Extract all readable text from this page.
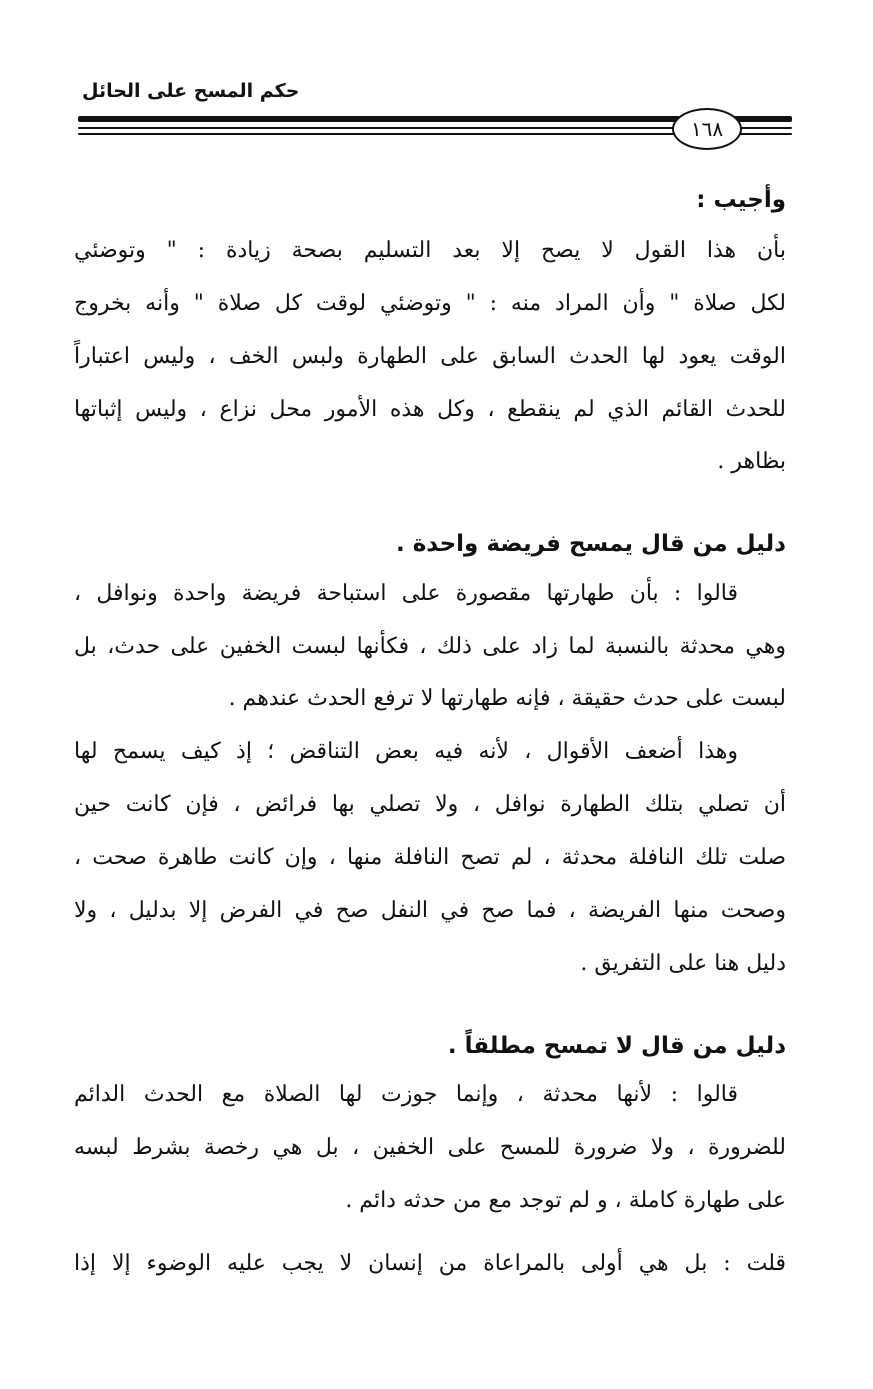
حكم المسح على الحائل
١٦٨
وأجيب :
بأن هذا القول لا يصح إلا بعد التسليم بصحة زيادة : " وتوضئي
لكل صلاة " وأن المراد منه : " وتوضئي لوقت كل صلاة " وأنه بخروج
الوقت يعود لها الحدث السابق على الطهارة ولبس الخف ، وليس اعتباراً
للحدث القائم الذي لم ينقطع ، وكل هذه الأمور محل نزاع ، وليس إثباتها
بظاهر .
دليل من قال يمسح فريضة واحدة .
قالوا : بأن طهارتها مقصورة على استباحة فريضة واحدة ونوافل ،
وهي محدثة بالنسبة لما زاد على ذلك ، فكأنها لبست الخفين على حدث، بل
لبست على حدث حقيقة ، فإنه طهارتها لا ترفع الحدث عندهم .
وهذا أضعف الأقوال ، لأنه فيه بعض التناقض ؛ إذ كيف يسمح لها
أن تصلي بتلك الطهارة نوافل ، ولا تصلي بها فرائض ، فإن كانت حين
صلت تلك النافلة محدثة ، لم تصح النافلة منها ، وإن كانت طاهرة صحت ،
وصحت منها الفريضة ، فما صح في النفل صح في الفرض إلا بدليل ، ولا
دليل هنا على التفريق .
دليل من قال لا تمسح مطلقاً .
قالوا : لأنها محدثة ، وإنما جوزت لها الصلاة مع الحدث الدائم
للضرورة ، ولا ضرورة للمسح على الخفين ، بل هي رخصة بشرط لبسه
على طهارة كاملة ، و لم توجد مع من حدثه دائم .
قلت : بل هي أولى بالمراعاة من إنسان لا يجب عليه الوضوء إلا إذا
